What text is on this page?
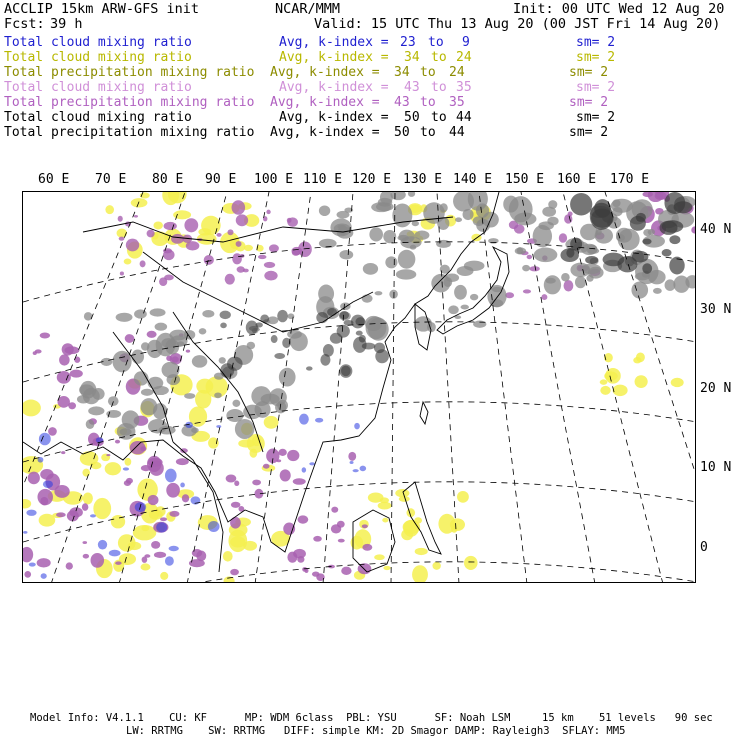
ACCLIP 15km ARW-GFS init	NCAR/MMM	Init: 00 UTC Wed 12 Aug 20
Fcst: 39 h	Valid: 15 UTC Thu 13 Aug 20 (00 JST Fri 14 Aug 20)
Total cloud mixing ratio	Avg, k-index = 23 to 9	sm= 2
Total cloud mixing ratio	Avg, k-index = 34 to 24	sm= 2
Total precipitation mixing ratio Avg, k-index = 34 to 24	sm= 2
Total cloud mixing ratio	Avg, k-index = 43 to 35	sm= 2
Total precipitation mixing ratio Avg, k-index = 43 to 35	sm= 2
Total cloud mixing ratio	Avg, k-index = 50 to 44	sm= 2
Total precipitation mixing ratio Avg, k-index = 50 to 44	sm= 2
60 E 70 E 80 E 90 E 100 E 110 E 120 E 130 E 140 E 150 E 160 E 170 E
40 N
30 N
20 N
10 N
0
Model Info: V4.1.1    CU: KF      MP: WDM 6class  PBL: YSU      SF: Noah LSM     15 km    51 levels   90 sec
LW: RRTMG    SW: RRTMG   DIFF: simple KM: 2D Smagor DAMP: Rayleigh3  SFLAY: MM5
